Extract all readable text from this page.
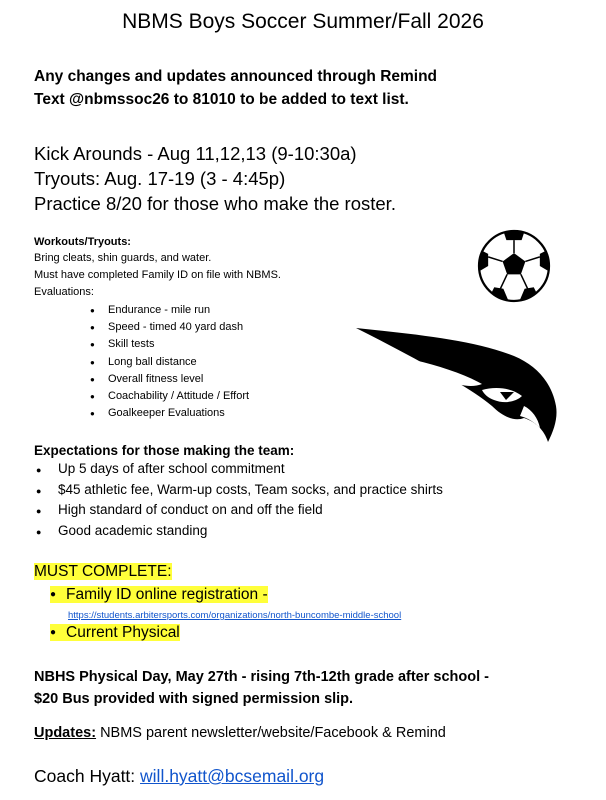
NBMS Boys Soccer Summer/Fall 2026
Any changes and updates announced through Remind
Text @nbmssoc26 to 81010 to be added to text list.
Kick Arounds - Aug 11,12,13 (9-10:30a)
Tryouts: Aug. 17-19 (3 - 4:45p)
Practice 8/20 for those who make the roster.
Workouts/Tryouts:
Bring cleats, shin guards, and water.
Must have completed Family ID on file with NBMS.
Evaluations:
● Endurance - mile run
● Speed - timed 40 yard dash
● Skill tests
● Long ball distance
● Overall fitness level
● Coachability / Attitude / Effort
● Goalkeeper Evaluations
Expectations for those making the team:
● Up 5 days of after school commitment
● $45 athletic fee, Warm-up costs, Team socks, and practice shirts
● High standard of conduct on and off the field
● Good academic standing
MUST COMPLETE:
● Family ID online registration -
https://students.arbitersports.com/organizations/north-buncombe-middle-school
● Current Physical
NBHS Physical Day, May 27th - rising 7th-12th grade after school -
$20 Bus provided with signed permission slip.
Updates: NBMS parent newsletter/website/Facebook & Remind
Coach Hyatt: will.hyatt@bcsemail.org
